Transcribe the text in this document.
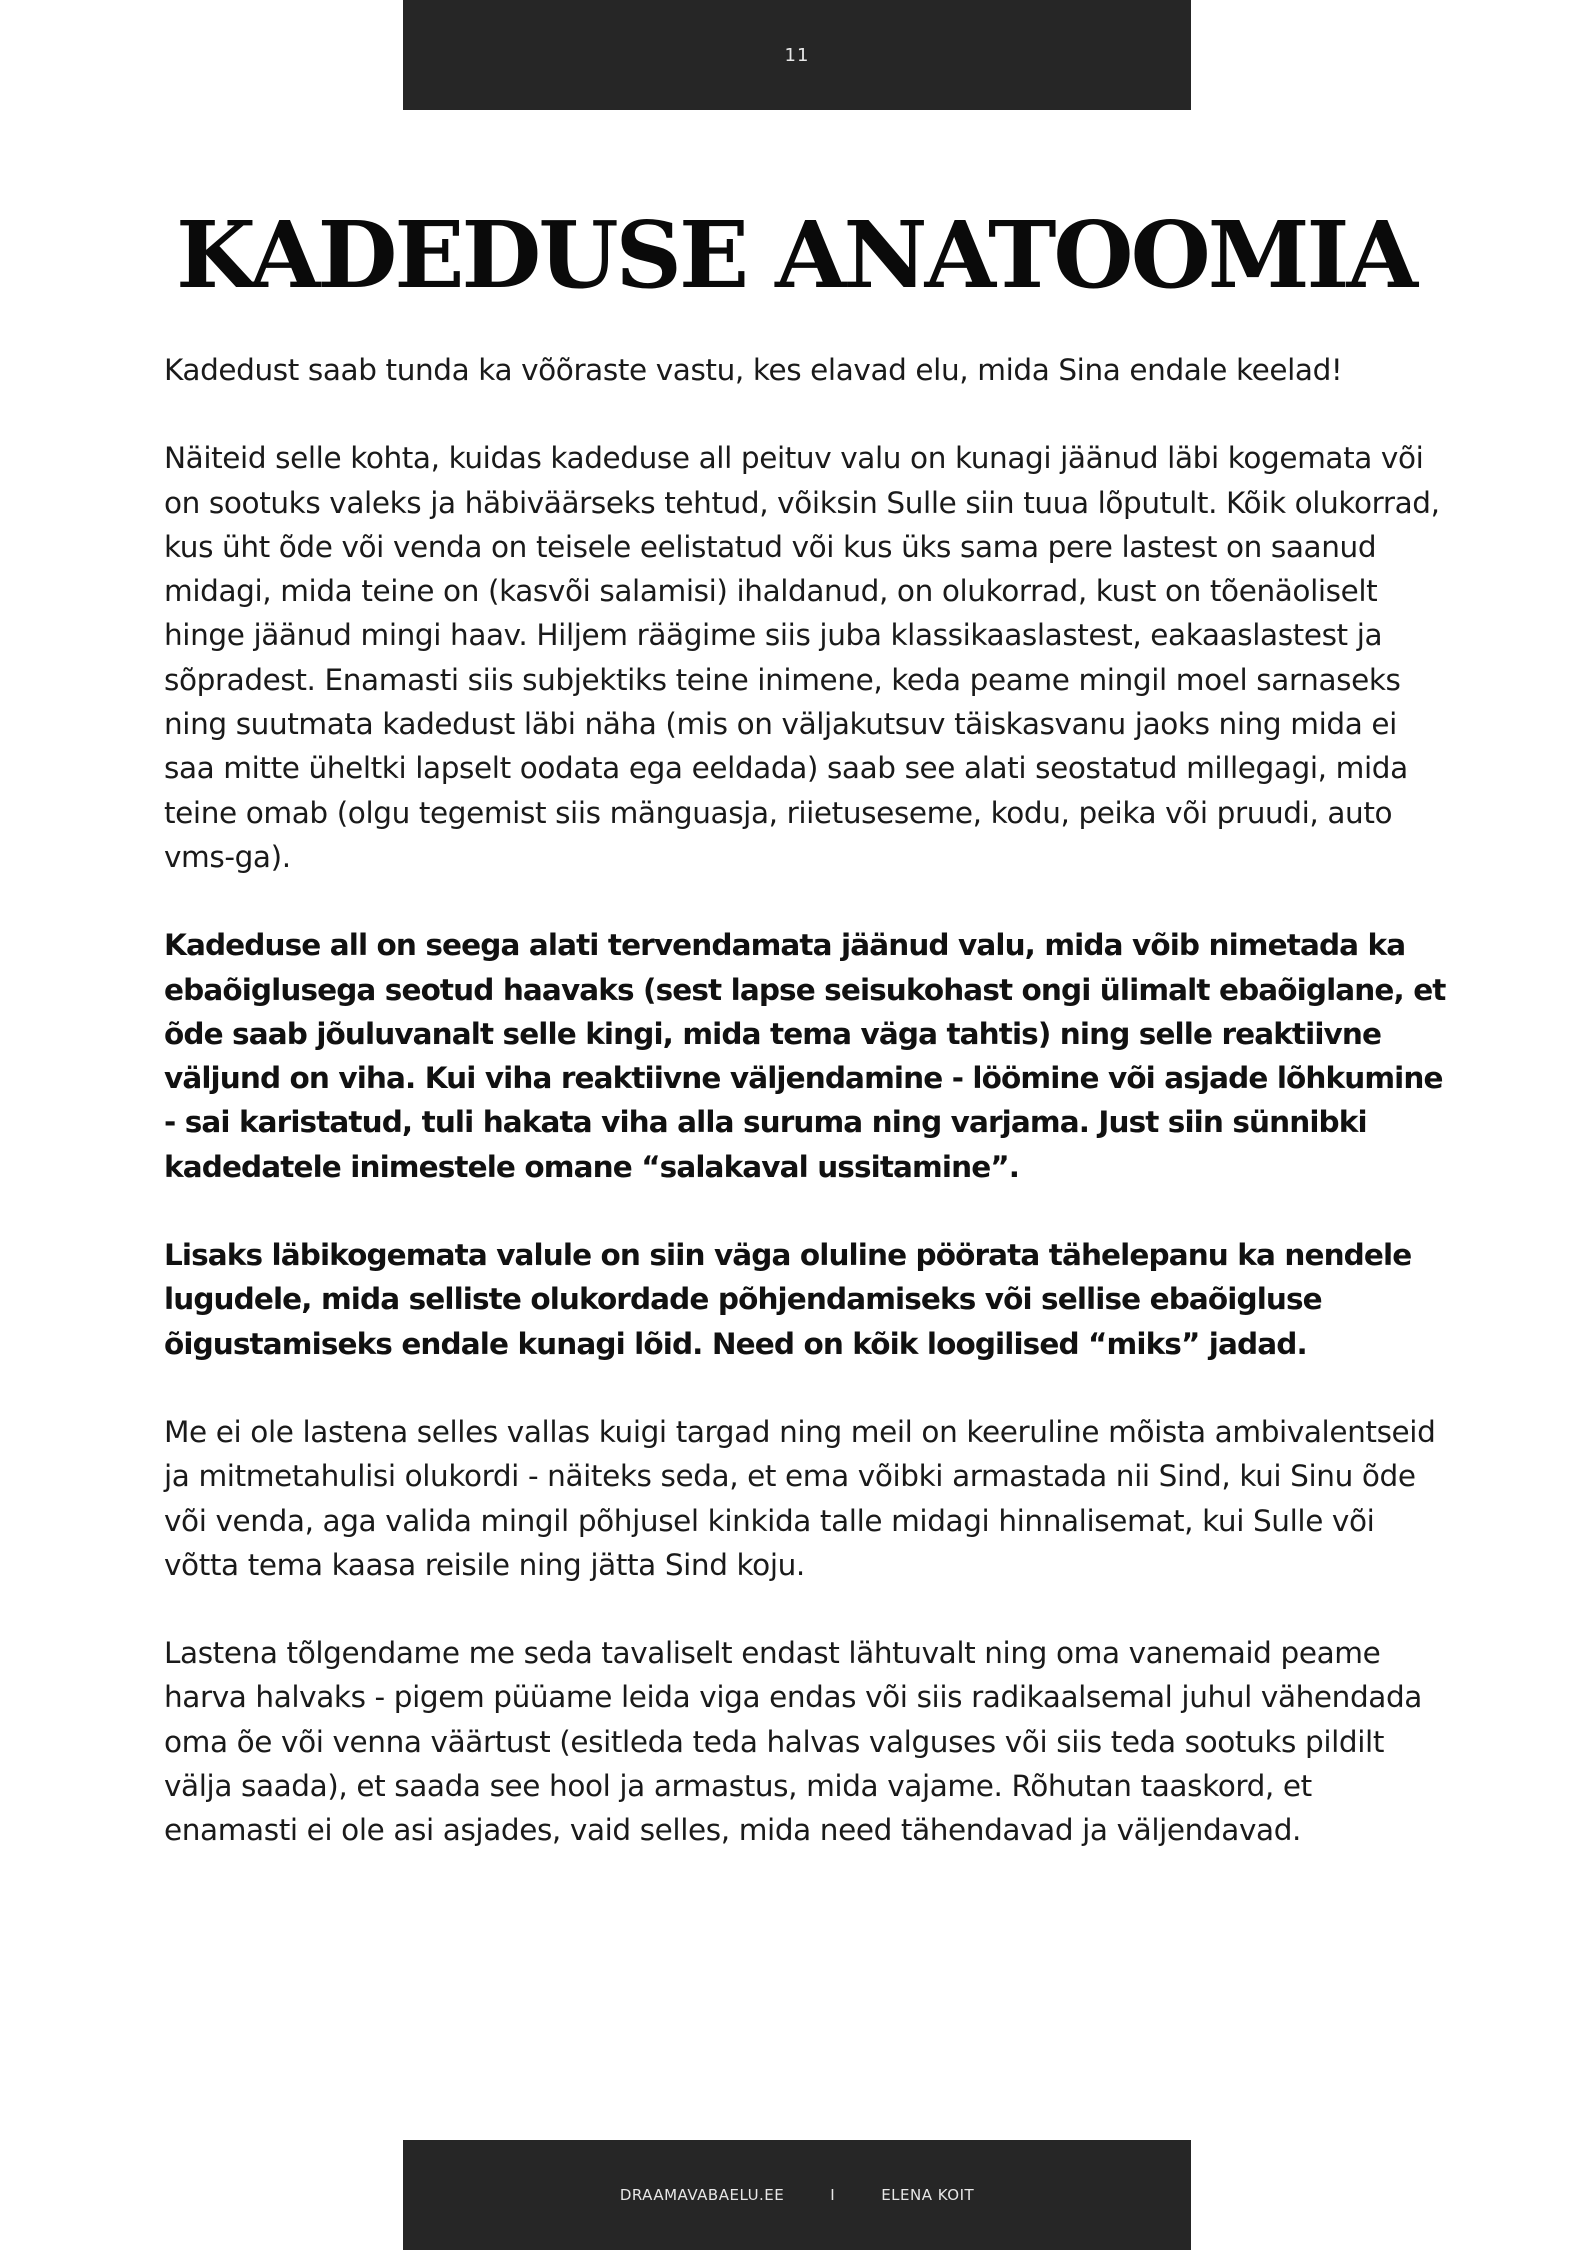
11
KADEDUSE ANATOOMIA

Kadedust saab tunda ka võõraste vastu, kes elavad elu, mida Sina endale keelad!

Näiteid selle kohta, kuidas kadeduse all peituv valu on kunagi jäänud läbi kogemata või on sootuks valeks ja häbiväärseks tehtud, võiksin Sulle siin tuua lõputult. Kõik olukorrad, kus üht õde või venda on teisele eelistatud või kus üks sama pere lastest on saanud midagi, mida teine on (kasvõi salamisi) ihaldanud, on olukorrad, kust on tõenäoliselt hinge jäänud mingi haav. Hiljem räägime siis juba klassikaaslastest, eakaaslastest ja sõpradest. Enamasti siis subjektiks teine inimene, keda peame mingil moel sarnaseks ning suutmata kadedust läbi näha (mis on väljakutsuv täiskasvanu jaoks ning mida ei saa mitte üheltki lapselt oodata ega eeldada) saab see alati seostatud millegagi, mida teine omab (olgu tegemist siis mänguasja, riietuseseme, kodu, peika või pruudi, auto vms-ga).

Kadeduse all on seega alati tervendamata jäänud valu, mida võib nimetada ka ebaõiglusega seotud haavaks (sest lapse seisukohast ongi ülimalt ebaõiglane, et õde saab jõuluvanalt selle kingi, mida tema väga tahtis) ning selle reaktiivne väljund on viha. Kui viha reaktiivne väljendamine - löömine või asjade lõhkumine - sai karistatud, tuli hakata viha alla suruma ning varjama. Just siin sünnibki kadedatele inimestele omane “salakaval ussitamine”.

Lisaks läbikogemata valule on siin väga oluline pöörata tähelepanu ka nendele lugudele, mida selliste olukordade põhjendamiseks või sellise ebaõigluse õigustamiseks endale kunagi lõid. Need on kõik loogilised “miks” jadad.

Me ei ole lastena selles vallas kuigi targad ning meil on keeruline mõista ambivalentseid ja mitmetahulisi olukordi - näiteks seda, et ema võibki armastada nii Sind, kui Sinu õde või venda, aga valida mingil põhjusel kinkida talle midagi hinnalisemat, kui Sulle või võtta tema kaasa reisile ning jätta Sind koju.

Lastena tõlgendame me seda tavaliselt endast lähtuvalt ning oma vanemaid peame harva halvaks - pigem püüame leida viga endas või siis radikaalsemal juhul vähendada oma õe või venna väärtust (esitleda teda halvas valguses või siis teda sootuks pildilt välja saada), et saada see hool ja armastus, mida vajame. Rõhutan taaskord, et enamasti ei ole asi asjades, vaid selles, mida need tähendavad ja väljendavad.

DRAAMAVABAELU.EE	I	ELENA KOIT
